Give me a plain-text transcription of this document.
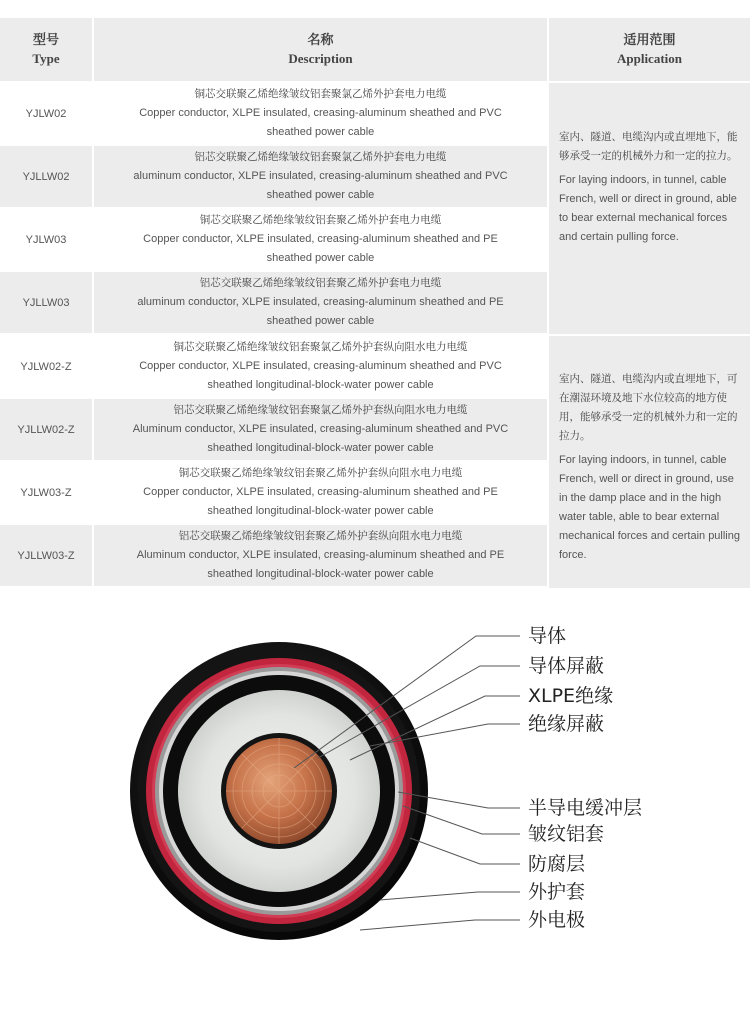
型号
Type
名称
Description
适用范围
Application
YJLW02
铜芯交联聚乙烯绝缘皱纹铝套聚氯乙烯外护套电力电缆
Copper conductor, XLPE insulated, creasing-aluminum sheathed and PVC
sheathed power cable
YJLLW02
铝芯交联聚乙烯绝缘皱纹铝套聚氯乙烯外护套电力电缆
aluminum conductor, XLPE insulated, creasing-aluminum sheathed and PVC
sheathed power cable
YJLW03
铜芯交联聚乙烯绝缘皱纹铝套聚乙烯外护套电力电缆
Copper conductor, XLPE insulated, creasing-aluminum sheathed and PE
sheathed power cable
YJLLW03
铝芯交联聚乙烯绝缘皱纹铝套聚乙烯外护套电力电缆
aluminum conductor, XLPE insulated, creasing-aluminum sheathed and PE
sheathed power cable
YJLW02-Z
铜芯交联聚乙烯绝缘皱纹铝套聚氯乙烯外护套纵向阻水电力电缆
Copper conductor, XLPE insulated, creasing-aluminum sheathed and PVC
sheathed longitudinal-block-water power cable
YJLLW02-Z
铝芯交联聚乙烯绝缘皱纹铝套聚氯乙烯外护套纵向阻水电力电缆
Aluminum conductor, XLPE insulated, creasing-aluminum sheathed and PVC
sheathed longitudinal-block-water power cable
YJLW03-Z
铜芯交联聚乙烯绝缘皱纹铝套聚乙烯外护套纵向阻水电力电缆
Copper conductor, XLPE insulated, creasing-aluminum sheathed and PE
sheathed longitudinal-block-water power cable
YJLLW03-Z
铝芯交联聚乙烯绝缘皱纹铝套聚乙烯外护套纵向阻水电力电缆
Aluminum conductor, XLPE insulated, creasing-aluminum sheathed and PE
sheathed longitudinal-block-water power cable

室内、隧道、电缆沟内或直埋地下，能够承受一定的机械外力和一定的拉力。

For laying indoors, in tunnel, cable French, well or direct in ground, able to bear external mechanical forces and certain pulling force.

室内、隧道、电缆沟内或直埋地下，可在潮湿环境及地下水位较高的地方使用，能够承受一定的机械外力和一定的拉力。

For laying indoors, in tunnel, cable French, well or direct in ground, use in the damp place and in the high water table, able to bear external mechanical forces and certain pulling force.

导体
导体屏蔽
XLPE绝缘
绝缘屏蔽
半导电缓冲层
皱纹铝套
防腐层
外护套
外电极
